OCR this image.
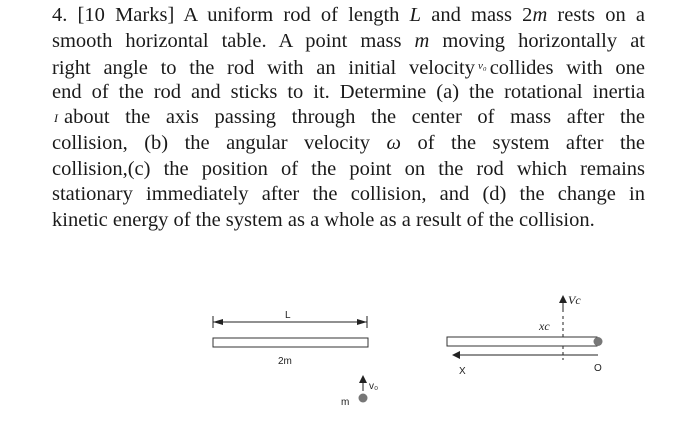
4. [10 Marks] A uniform rod of length L and mass 2m rests on a
smooth horizontal table. A point mass m moving horizontally at
right angle to the rod with an initial velocity $^{v_0}$ collides with one
end of the rod and sticks to it. Determine (a) the rotational inertia
I about the axis passing through the center of mass after the
collision, (b) the angular velocity ω of the system after the
collision,(c) the position of the point on the rod which remains
stationary immediately after the collision, and (d) the change in
kinetic energy of the system as a whole as a result of the collision.
L
2m
m
v₀
Vc
xc
X	O
